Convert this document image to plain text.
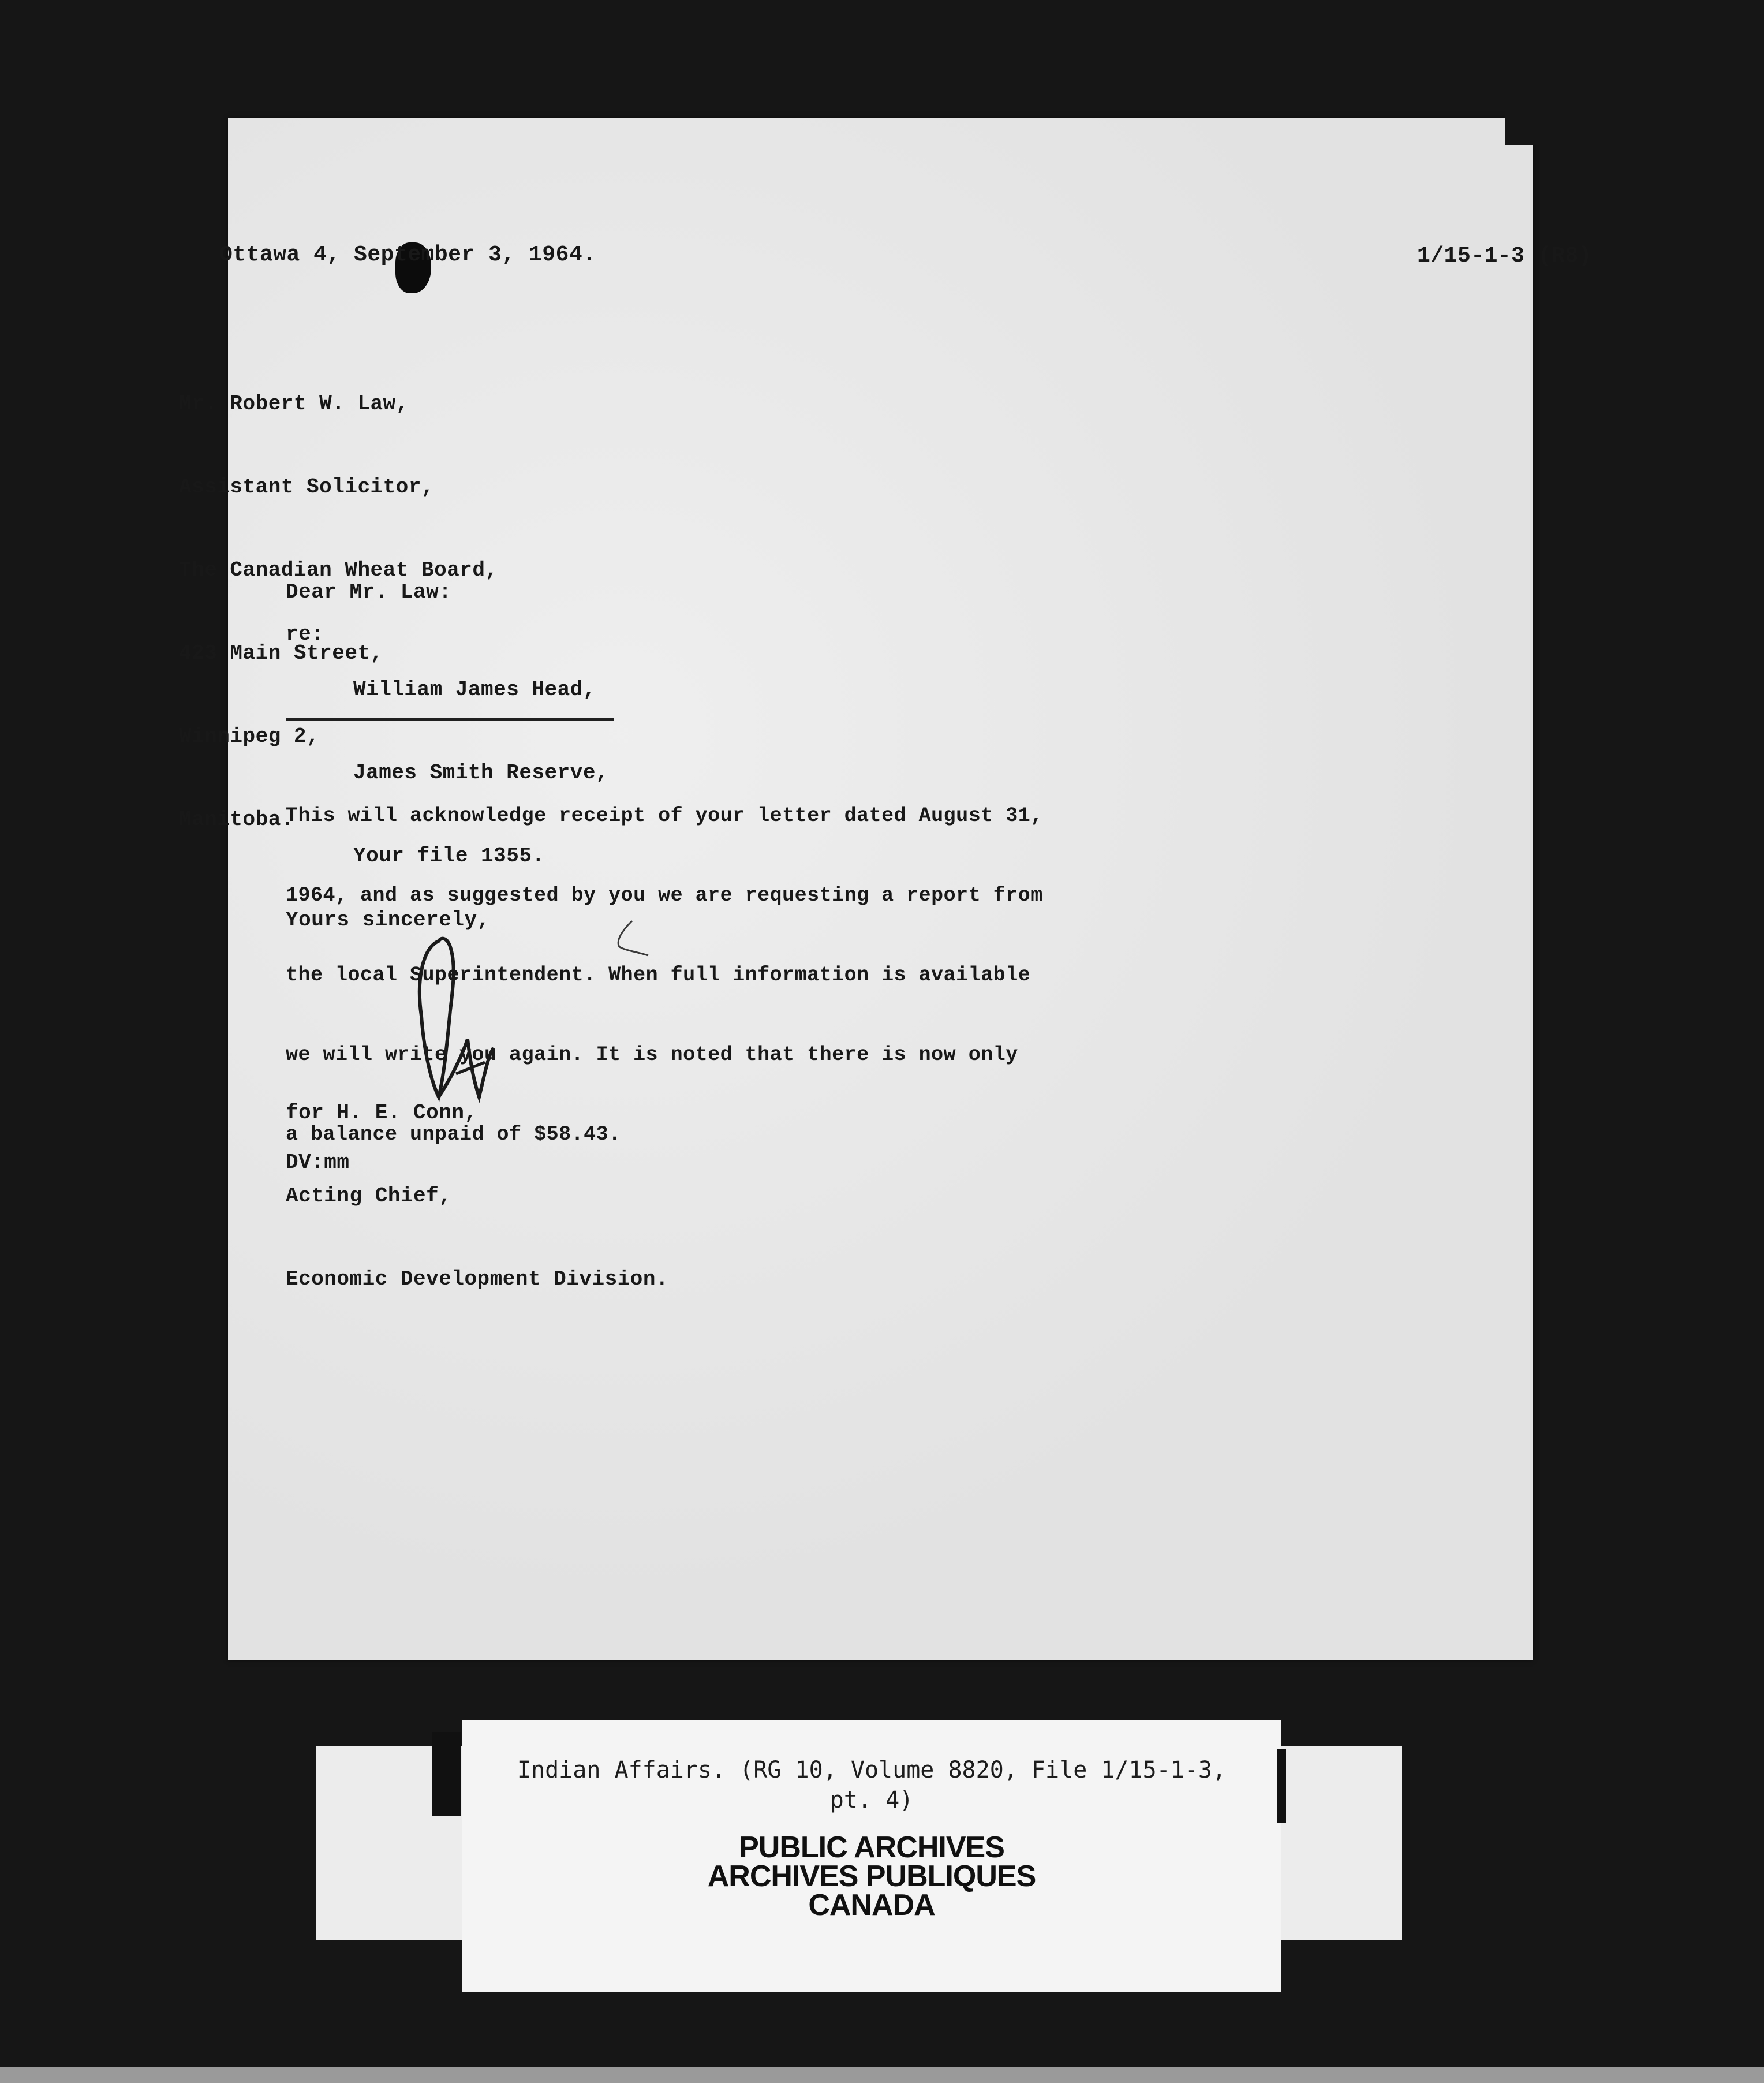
Ottawa 4, September 3, 1964.	1/15-1-3 (R8)

Mr. Robert W. Law,

Assistant Solicitor,

The Canadian Wheat Board,

423 Main Street,

Winnipeg 2,

Manitoba.

Dear Mr. Law:
re:

William James Head,

James Smith Reserve,

Your file 1355.

This will acknowledge receipt of your letter dated August 31,

1964, and as suggested by you we are requesting a report from

the local Superintendent. When full information is available

we will write you again. It is noted that there is now only

a balance unpaid of $58.43.

Yours sincerely,

for H. E. Conn,

Acting Chief,

Economic Development Division.

DV:mm
Indian Affairs. (RG 10, Volume 8820, File 1/15-1-3,
pt. 4)
PUBLIC ARCHIVES
ARCHIVES PUBLIQUES
CANADA
